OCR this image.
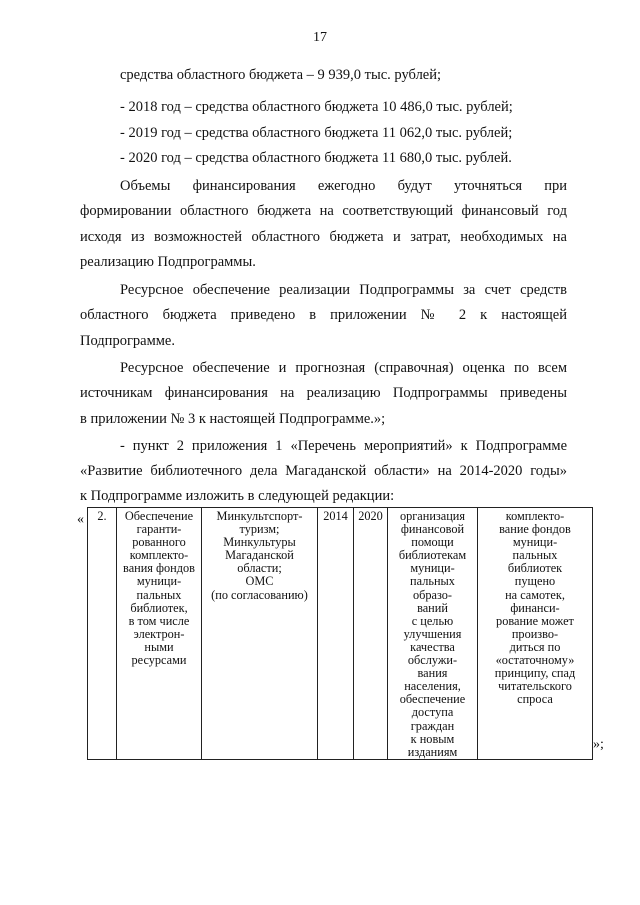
17
средства областного бюджета – 9 939,0 тыс. рублей;
- 2018 год – средства областного бюджета 10 486,0 тыс. рублей;
- 2019 год – средства областного бюджета 11 062,0 тыс. рублей;
- 2020 год – средства областного бюджета 11 680,0 тыс. рублей.
Объемы финансирования ежегодно будут уточняться при
формировании областного бюджета на соответствующий финансовый год
исходя из возможностей областного бюджета и затрат, необходимых на
реализацию Подпрограммы.
Ресурсное обеспечение реализации Подпрограммы за счет средств
областного бюджета приведено в приложении № 2 к настоящей
Подпрограмме.
Ресурсное обеспечение и прогнозная (справочная) оценка по всем
источникам финансирования на реализацию Подпрограммы приведены
в приложении № 3 к настоящей Подпрограмме.»;
- пункт 2 приложения 1 «Перечень мероприятий» к Подпрограмме
«Развитие библиотечного дела Магаданской области» на 2014-2020 годы»
к Подпрограмме изложить в следующей редакции:
« 2.	Обеспечение
гаранти-
рованного
комплекто-
вания фондов
муници-
пальных
библиотек,
в том числе
электрон-
ными
ресурсами	Минкультспорт-
туризм;
Минкультуры
Магаданской
области;
ОМС
(по согласованию)	2014	2020	организация
финансовой
помощи
библиотекам
муници-
пальных
образо-
ваний
с целью
улучшения
качества
обслужи-
вания
населения,
обеспечение
доступа
граждан
к новым
изданиям	комплекто-
вание фондов
муници-
пальных
библиотек
пущено
на самотек,
финанси-
рование может
произво-
диться по
«остаточному»
принципу, спад
читательского
спроса
»;
